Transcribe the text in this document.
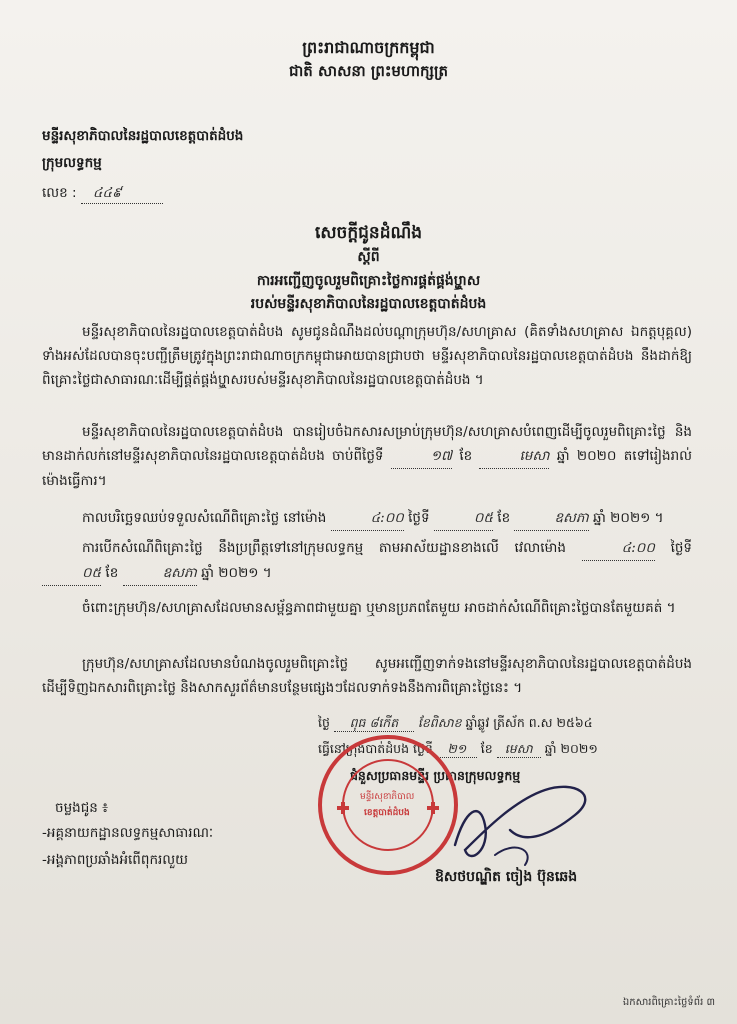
ព្រះរាជាណាចក្រកម្ពុជា
ជាតិ សាសនា ព្រះមហាក្សត្រ
មន្ទីរសុខាភិបាលនៃរដ្ឋបាលខេត្តបាត់ដំបង
ក្រុមលទ្ធកម្ម
លេខ : ៤៤៩
សេចក្ដីជូនដំណឹង
ស្ដីពី
ការអញ្ជើញចូលរួមពិគ្រោះថ្លៃការផ្គត់ផ្គង់ឬ្ហាស
របស់មន្ទីរសុខាភិបាលនៃរដ្ឋបាលខេត្តបាត់ដំបង
មន្ទីរសុខាភិបាលនៃរដ្ឋបាលខេត្តបាត់ដំបង សូមជូនដំណឹងដល់បណ្ដាក្រុមហ៊ុន/សហគ្រាស (គិតទាំងសហគ្រាស ឯកត្តបុគ្គល) ទាំងអស់ដែលបានចុះបញ្ជីត្រឹមត្រូវក្នុងព្រះរាជាណាចក្រកម្ពុជាអោយបានជ្រាបថា មន្ទីរសុខាភិបាលនៃរដ្ឋបាលខេត្តបាត់ដំបង នឹងដាក់ឱ្យពិគ្រោះថ្លៃជាសាធារណៈដើម្បីផ្គត់ផ្គង់ឬ្ហាសរបស់មន្ទីរសុខាភិបាលនៃរដ្ឋបាលខេត្តបាត់ដំបង ។
មន្ទីរសុខាភិបាលនៃរដ្ឋបាលខេត្តបាត់ដំបង បានរៀបចំឯកសារសម្រាប់ក្រុមហ៊ុន/សហគ្រាសបំពេញដើម្បីចូលរួមពិគ្រោះថ្លៃ និងមានដាក់លក់នៅមន្ទីរសុខាភិបាលនៃរដ្ឋបាលខេត្តបាត់ដំបង ចាប់ពីថ្ងៃទី	១៧ ខែ	មេសា ឆ្នាំ ២០២០ តទៅរៀងរាល់ម៉ោងធ្វើការ។
កាលបរិច្ឆេទឈប់ទទួលសំណើពិគ្រោះថ្លៃ នៅម៉ោង	៤:០០ ថ្ងៃទី	០៥ ខែ	ឧសភា ឆ្នាំ ២០២១ ។
ការបើកសំណើពិគ្រោះថ្លៃ នឹងប្រព្រឹត្តទៅនៅក្រុមលទ្ធកម្ម តាមអាស័យដ្ឋានខាងលើ វេលាម៉ោង	៤:០០ ថ្ងៃទី ០៥ ខែ	ឧសភា ឆ្នាំ ២០២១ ។
ចំពោះក្រុមហ៊ុន/សហគ្រាសដែលមានសម្ព័ន្ធភាពជាមួយគ្នា ឬមានប្រភពតែមួយ អាចដាក់សំណើពិគ្រោះថ្លៃបានតែមួយគត់ ។
ក្រុមហ៊ុន/សហគ្រាសដែលមានបំណងចូលរួមពិគ្រោះថ្លៃ សូមអញ្ជើញទាក់ទងនៅមន្ទីរសុខាភិបាលនៃរដ្ឋបាលខេត្តបាត់ដំបង ដើម្បីទិញឯកសារពិគ្រោះថ្លៃ និងសាកសួរព័ត៌មានបន្ថែមផ្សេងៗដែលទាក់ទងនឹងការពិគ្រោះថ្លៃនេះ ។
ថ្ងៃ ពុធ ៨កើត ខែពិសាខ ឆ្នាំឆ្លូវ ត្រីស័ក ព.ស ២៥៦៤
ធ្វើនៅក្រុងបាត់ដំបង ថ្ងៃទី ២១ ខែ មេសា ឆ្នាំ ២០២១
ជំនួសប្រធានមន្ទីរ ប្រធានក្រុមលទ្ធកម្ម
មន្ទីរសុខាភិបាល
ខេត្តបាត់ដំបង
ឱសថបណ្ឌិត ចៀង ប៊ុនឆេង
ចម្លងជូន ៖
-អគ្គនាយកដ្ឋានលទ្ធកម្មសាធារណៈ
-អង្គភាពប្រឆាំងអំពើពុករលួយ
ឯកសារពិគ្រោះថ្លៃទំព័រ ៣
